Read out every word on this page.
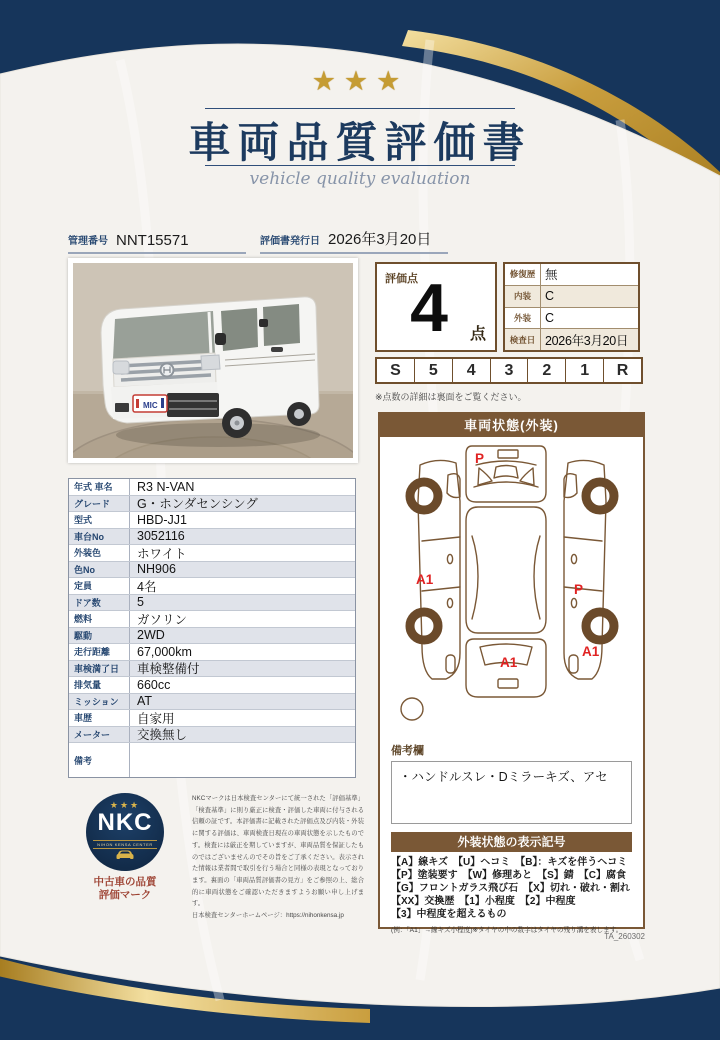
★★★
車両品質評価書
vehicle quality evaluation
管理番号 NNT15571	評価書発行日 2026年3月20日
MIC
年式 車名	R3 N-VAN
グレード	G・ホンダセンシング
型式	HBD-JJ1
車台No	3052116
外装色	ホワイト
色No	NH906
定員	4名
ドア数	5
燃料	ガソリン
駆動	2WD
走行距離	67,000km
車検満了日	車検整備付
排気量	660cc
ミッション	AT
車歴	自家用
メーター	交換無し
備考
★★★
NKC
NIHON KENSA CENTER
中古車の品質
評価マーク
NKCマークは日本検査センターにて統一された「評価基準」「検査基準」に則り厳正に検査・評価した車両に付与される信頼の証です。本評価書に記載された評価点及び内装・外装に関する評価は、車両検査日現在の車両状態を示したものです。検査には厳正を期していますが、車両品質を保証したものではございませんのでその旨をご了承ください。表示された情報は業者間で取引を行う場合と同様の表現となっております。裏面の「車両品質評価書の見方」をご参照の上、総合的に車両状態をご確認いただきますようお願い申し上げます。
日本検査センターホームページ：https://nihonkensa.jp
評価点
4	点
修復歴 無
内装	C
外装	C
検査日 2026年3月20日
S	5	4	3	2	1	R
※点数の詳細は裏面をご覧ください。
車両状態(外装)
P
A1
P
A1
A1
備考欄
・ハンドルスレ・Dミラーキズ、アセ
外装状態の表示記号
【A】線キズ　【U】ヘコミ　【B】：キズを伴うヘコミ
【P】塗装要す　【W】修理あと　【S】錆　【C】腐食
【G】フロントガラス飛び石　【X】切れ・破れ・割れ
【XX】交換歴　【1】小程度　【2】中程度
【3】中程度を超えるもの
(例：「A1」→線キズ小程度)※タイヤの中の数字はタイヤの残り溝を表します。
TA_260302
